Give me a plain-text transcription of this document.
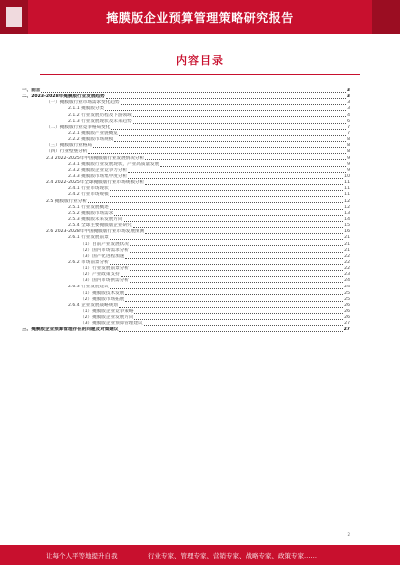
掩膜版企业预算管理策略研究报告
内容目录
一、前言	3
二、2023-2028年掩膜版行业发展趋势	3
（一）掩膜版行业市场需求变化趋势	3
2.1.1 掩膜版分类	3
2.1.2 行业发展历程及下游领域	4
2.1.3 行业发展现状及未来趋势	6
（二）掩膜版行业竞争格局变化	7
2.2.1 掩膜版产业链概览	7
2.2.2 掩膜版市场规模	8
（三）掩膜版行业格局	8
（四）行业壁垒分析	8
2.3 2022-2025年中国掩膜版行业发展情况分析	9
2.3.1 掩膜版行业发展现状，产业高质量发展	9
2.3.2 掩膜版企业竞争力分析	9
2.3.3 掩膜版市场集中度分析	10
2.4 2022-2025年全球掩膜版行业市场规模分析	11
2.4.1 行业市场现状	11
2.4.2 行业市场规模	11
2.5 掩膜版行业分析	12
2.5.1 行业发展概述	12
2.5.2 掩膜版市场需求	13
2.5.3 掩膜版未来发展方向	14
2.5.4 全球主要掩膜版企业研究	15
2.6 2023-2028年中国掩膜版行业市场发展预测	16
2.6.1 行业发展前景	21
（1）目前产业发展状况	21
（2）国内市场需求分析	21
（3）国产化进程加速	22
2.6.2 市场前景分析	22
（1）行业发展前景分析	22
（2）产业政策支持	23
（3）国内市场供需分析	24
2.6.3 行业发展建议	24
（1）掩膜版技术发展	25
（2）掩膜版市场拓展	25
2.6.4 企业发展战略规划	26
（1）掩膜版企业竞争策略	26
（2）掩膜版企业发展方向	26
（3）掩膜版企业预算管理建议	27
三、掩膜版企业预算管理存在的问题及对策建议	27
2
让每个人平等地提升自我	行业专家、管理专家、营销专家、战略专家、政策专家……
